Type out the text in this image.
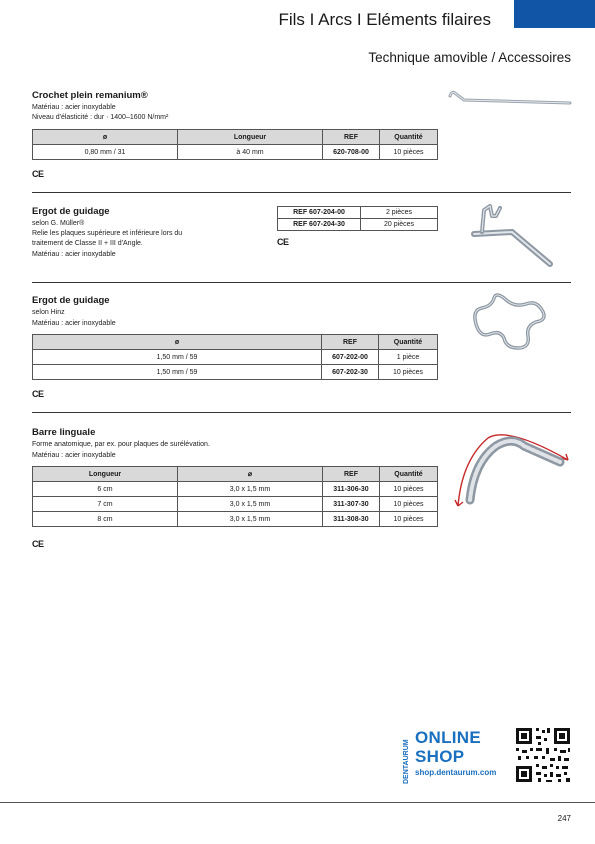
Fils I Arcs I Eléments filaires
Technique amovible / Accessoires
Crochet plein remanium®
Matériau : acier inoxydable
Niveau d'élasticité : dur · 1400–1600 N/mm²
ø	Longueur	REF	Quantité
0,80 mm / 31	à 40 mm	620-708-00	10 pièces
CE
Ergot de guidage
selon G. Müller®
Relie les plaques supérieure et inférieure lors du
traitement de Classe II + III d'Angle.
Matériau : acier inoxydable
REF 607-204-00	2 pièces
REF 607-204-30	20 pièces
CE
Ergot de guidage
selon Hinz
Matériau : acier inoxydable
ø	REF	Quantité
1,50 mm / 59	607-202-00	1 pièce
1,50 mm / 59	607-202-30	10 pièces
CE
Barre linguale
Forme anatomique, par ex. pour plaques de surélévation.
Matériau : acier inoxydable
Longueur	⌀	REF	Quantité
6 cm	3,0 x 1,5 mm	311-306-30	10 pièces
7 cm	3,0 x 1,5 mm	311-307-30	10 pièces
8 cm	3,0 x 1,5 mm	311-308-30	10 pièces
CE
DENTAURUM
ONLINE
SHOP
shop.dentaurum.com
247
